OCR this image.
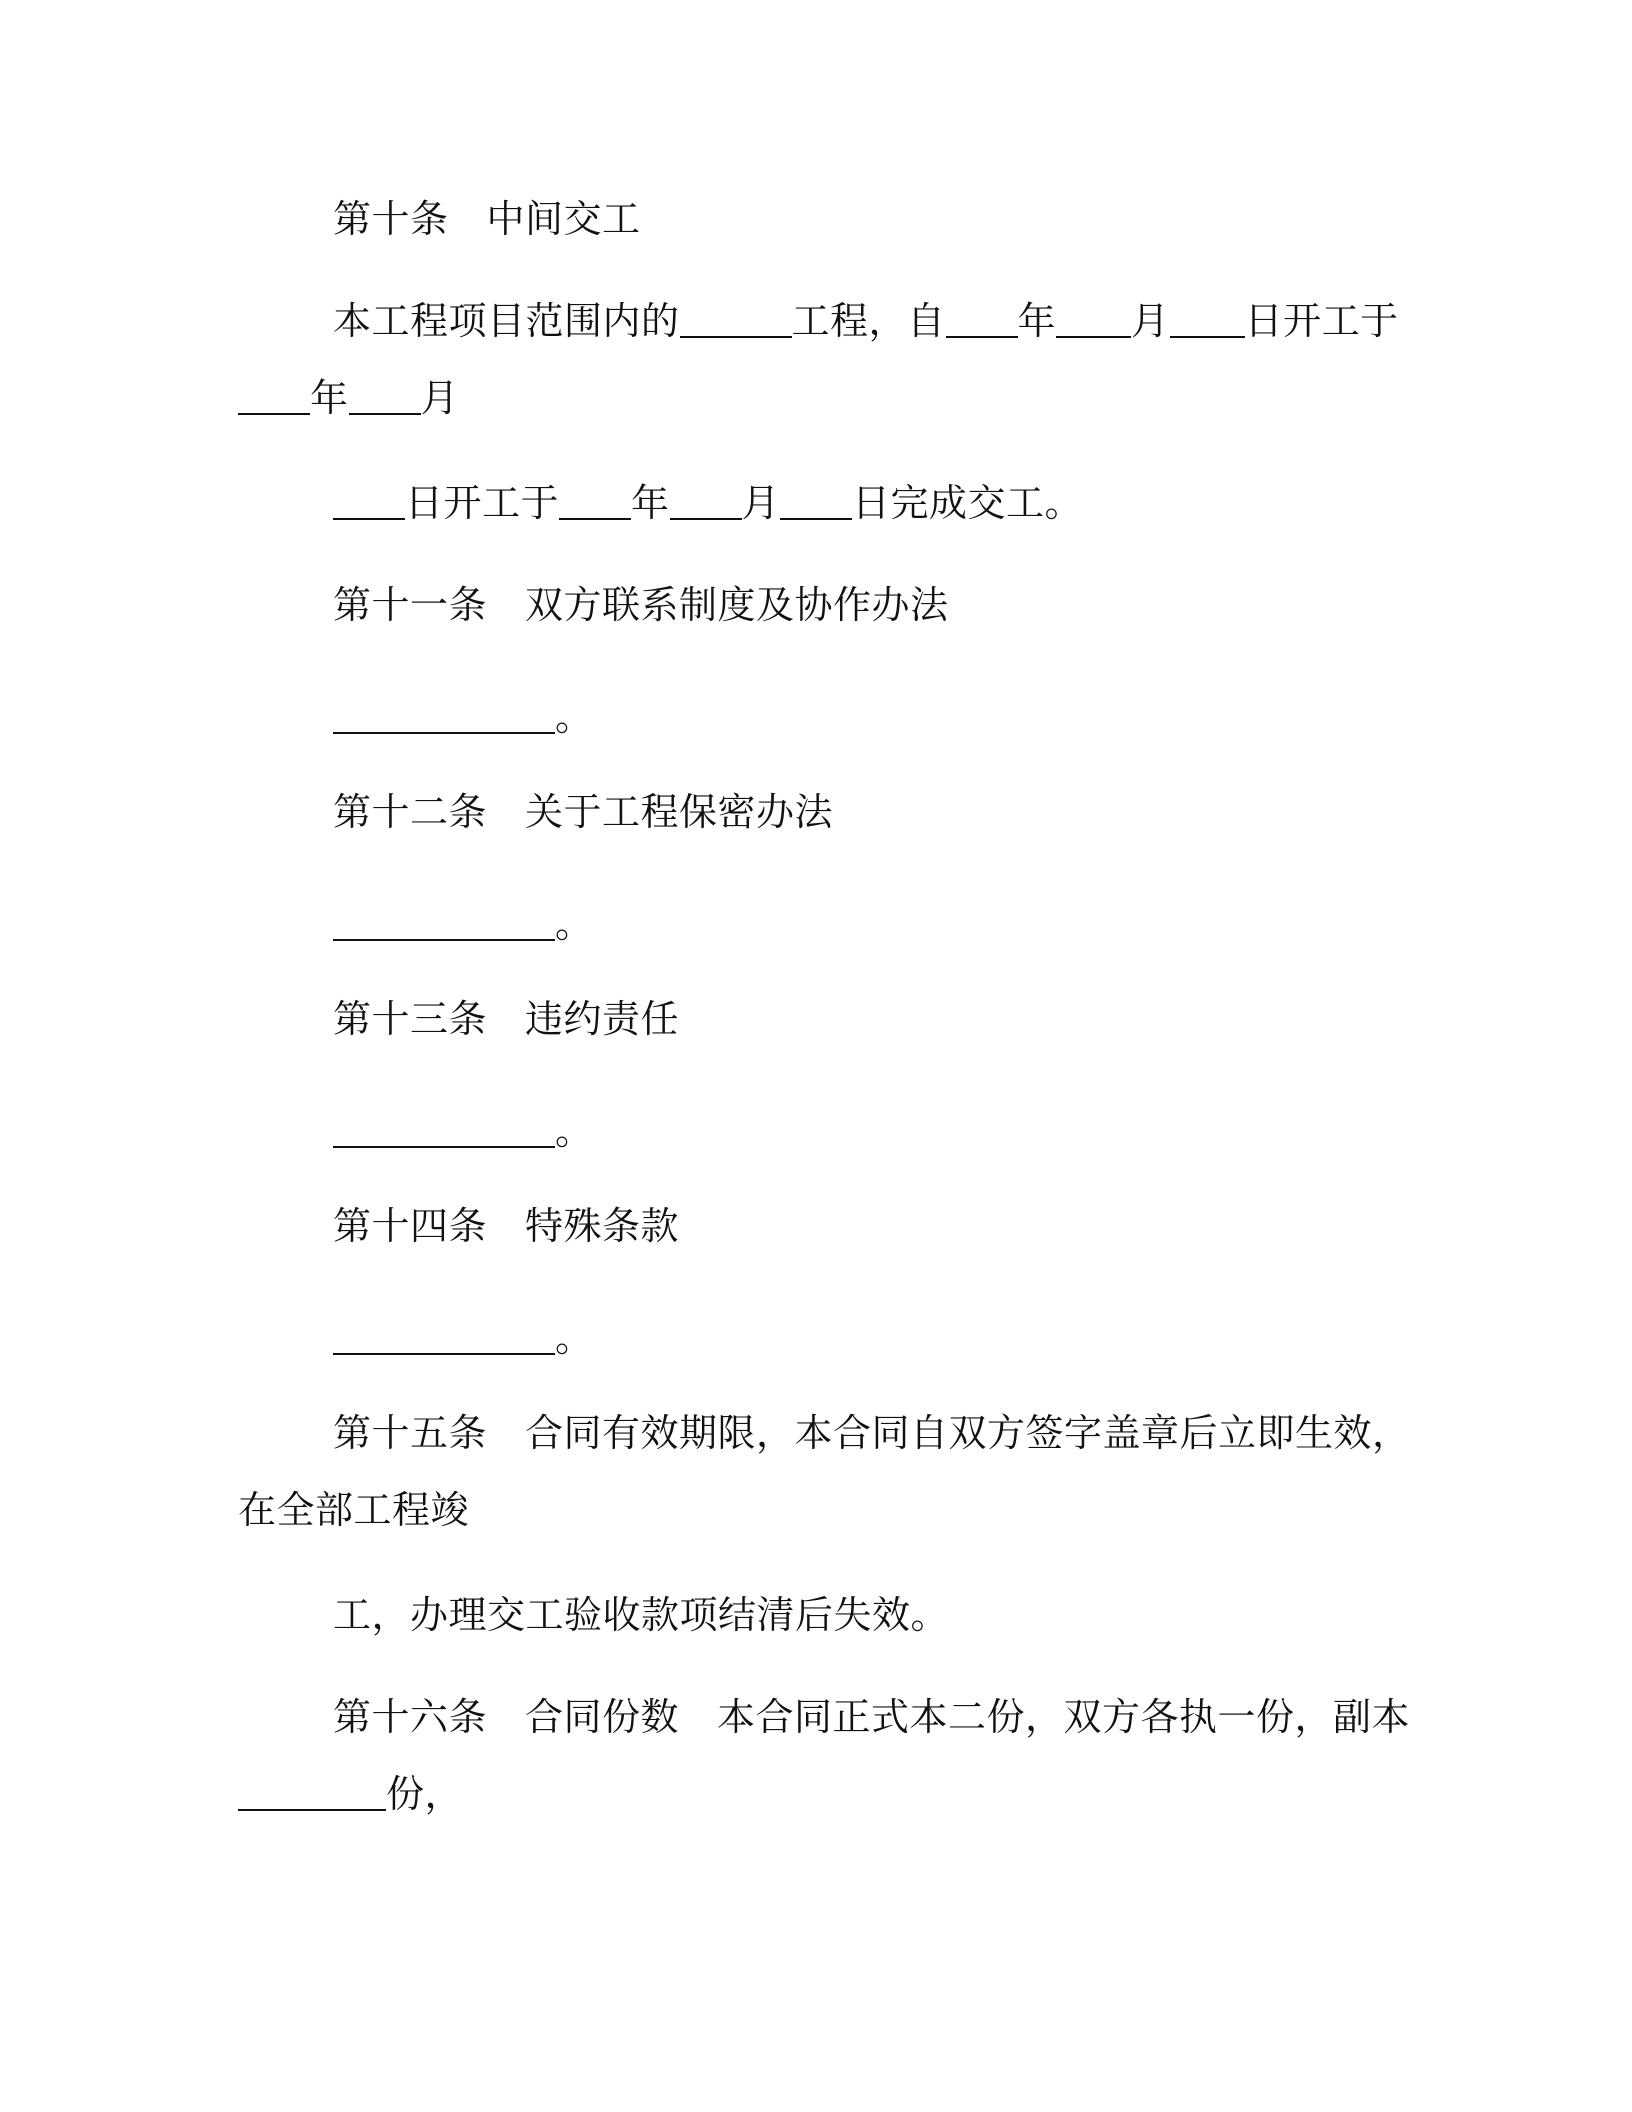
第十条 中间交工
本工程项目范围内的	工程，自 年 月 日开工于
年 月
日开工于 年 月 日完成交工。
第十一条 双方联系制度及协作办法
。
第十二条 关于工程保密办法
。
第十三条 违约责任
。
第十四条 特殊条款
。
第十五条 合同有效期限，本合同自双方签字盖章后立即生效，
在全部工程竣
工，办理交工验收款项结清后失效。
第十六条 合同份数 本合同正式本二份，双方各执一份，副本
份，
